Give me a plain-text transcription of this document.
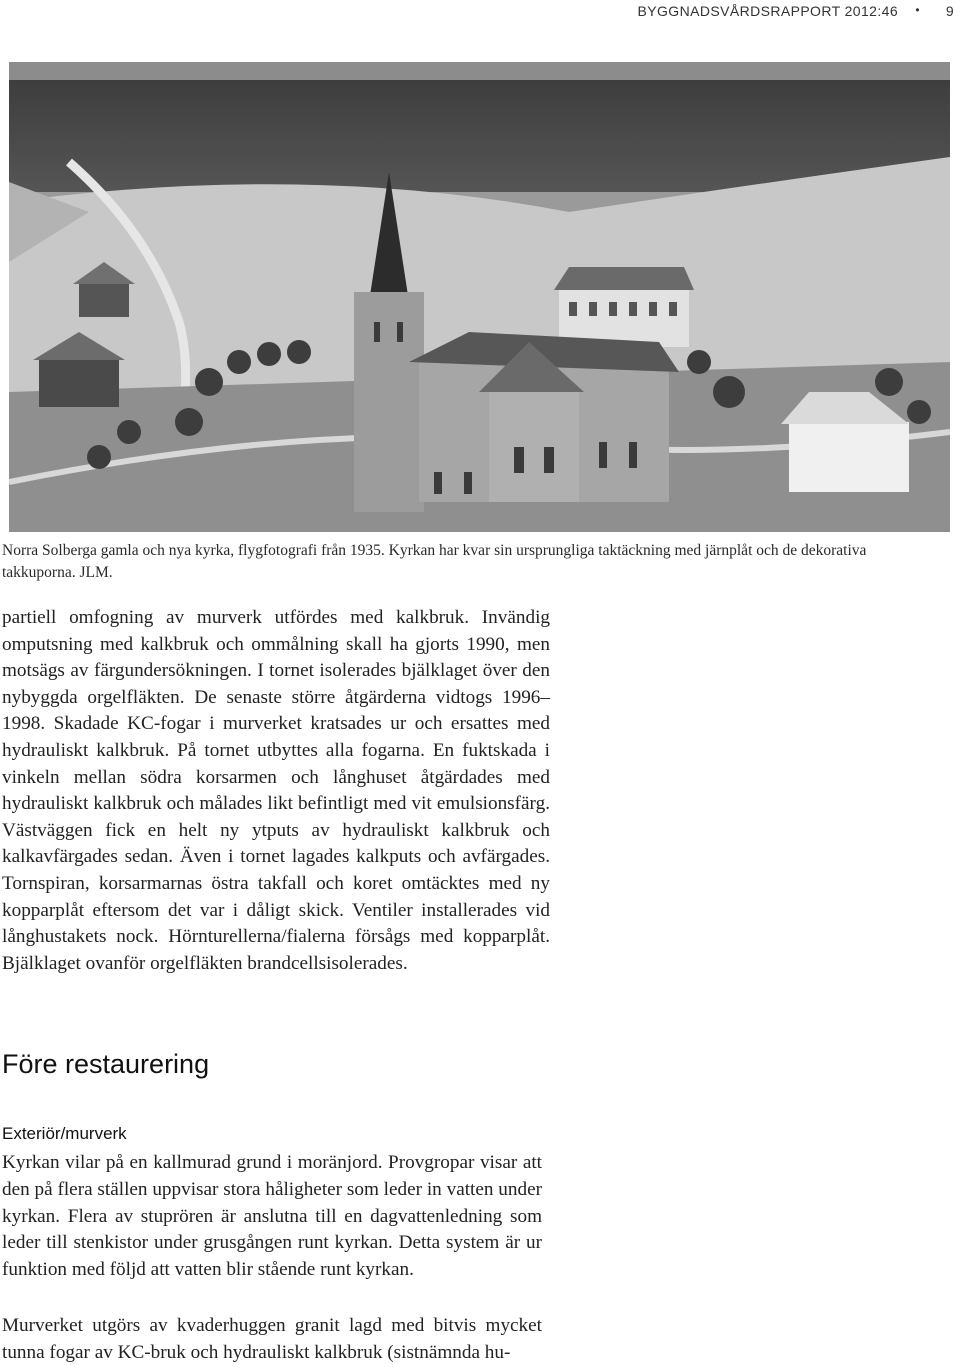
BYGGNADSVÅRDSRAPPORT 2012:46 • 9

Norra Solberga gamla och nya kyrka, flygfotografi från 1935. Kyrkan har kvar sin ursprungliga taktäckning med järnplåt och de dekorativa takkuporna. JLM.

partiell omfogning av murverk utfördes med kalkbruk. Invändig omputsning med kalkbruk och ommålning skall ha gjorts 1990, men motsägs av färgundersökningen. I tornet isolerades bjälklaget över den nybyggda orgelfläkten. De senaste större åtgärderna vidtogs 1996–1998. Skadade KC-fogar i murverket kratsades ur och ersattes med hydrauliskt kalkbruk. På tornet utbyttes alla fogarna. En fuktskada i vinkeln mellan södra korsarmen och långhuset åtgärdades med hydrauliskt kalkbruk och målades likt befintligt med vit emulsionsfärg. Västväggen fick en helt ny ytputs av hydrauliskt kalkbruk och kalkavfärgades sedan. Även i tornet lagades kalkputs och avfärgades. Tornspiran, korsarmarnas östra takfall och koret omtäcktes med ny kopparplåt eftersom det var i dåligt skick. Ventiler installerades vid långhustakets nock. Hörnturellerna/fialerna försågs med kopparplåt. Bjälklaget ovanför orgelfläkten brandcellsisolerades.

Före restaurering
Exteriör/murverk

Kyrkan vilar på en kallmurad grund i moränjord. Provgropar visar att den på flera ställen uppvisar stora håligheter som leder in vatten under kyrkan. Flera av stuprören är anslutna till en dagvattenledning som leder till stenkistor under grusgången runt kyrkan. Detta system är ur funktion med följd att vatten blir stående runt kyrkan.

Murverket utgörs av kvaderhuggen granit lagd med bitvis mycket tunna fogar av KC-bruk och hydrauliskt kalkbruk (sistnämnda hu-
